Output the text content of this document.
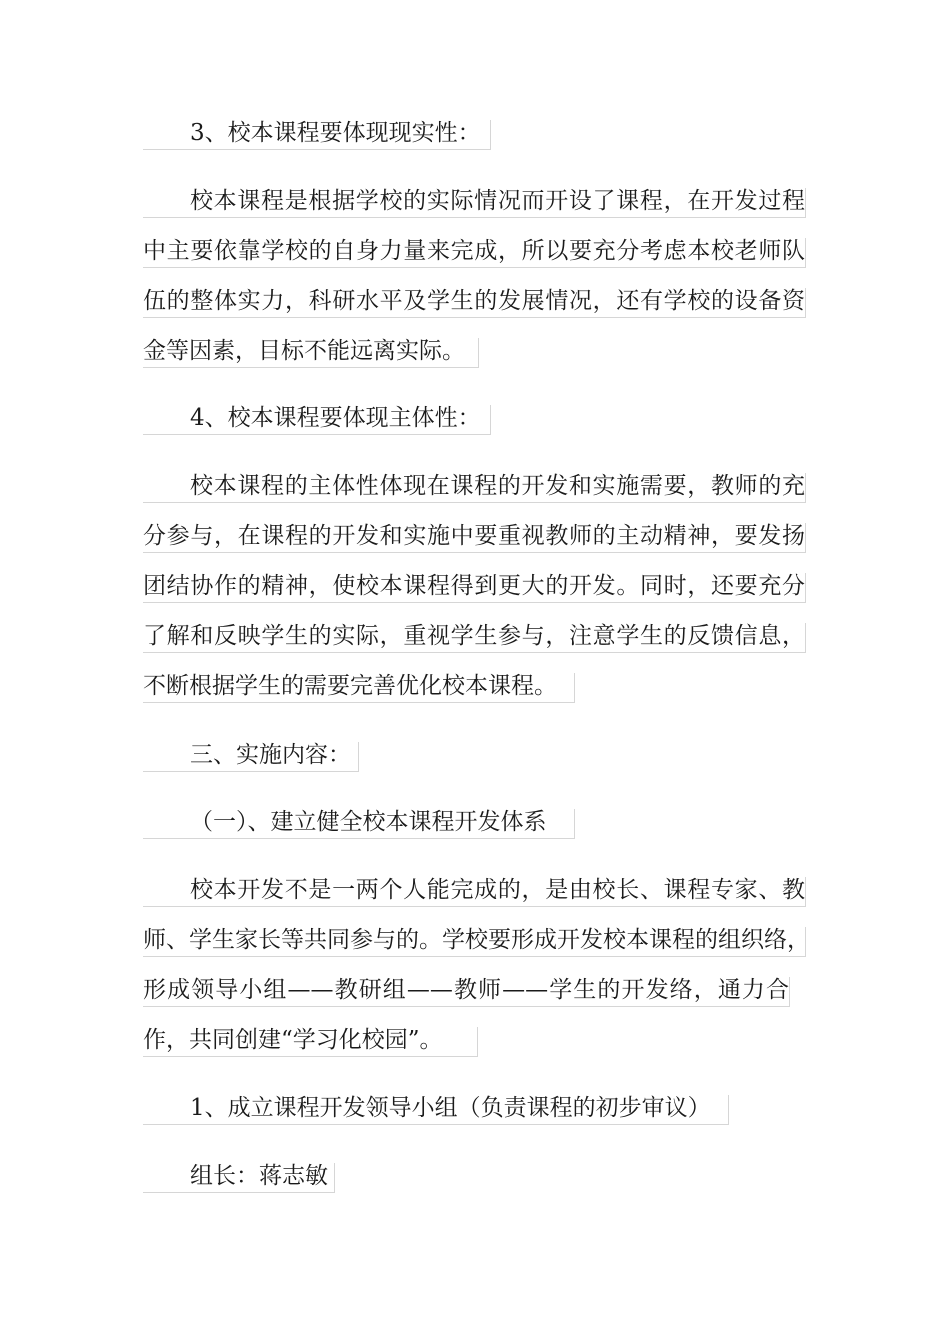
3、校本课程要体现现实性：
校本课程是根据学校的实际情况而开设了课程，在开发过程
中主要依靠学校的自身力量来完成，所以要充分考虑本校老师队
伍的整体实力，科研水平及学生的发展情况，还有学校的设备资
金等因素，目标不能远离实际。
4、校本课程要体现主体性：
校本课程的主体性体现在课程的开发和实施需要，教师的充
分参与，在课程的开发和实施中要重视教师的主动精神，要发扬
团结协作的精神，使校本课程得到更大的开发。同时，还要充分
了解和反映学生的实际，重视学生参与，注意学生的反馈信息，
不断根据学生的需要完善优化校本课程。
三、实施内容：
（一）、建立健全校本课程开发体系
校本开发不是一两个人能完成的，是由校长、课程专家、教
师、学生家长等共同参与的。学校要形成开发校本课程的组织络，
形成领导小组——教研组——教师——学生的开发络，通力合
作，共同创建“学习化校园”。
1、成立课程开发领导小组（负责课程的初步审议）
组长：蒋志敏
